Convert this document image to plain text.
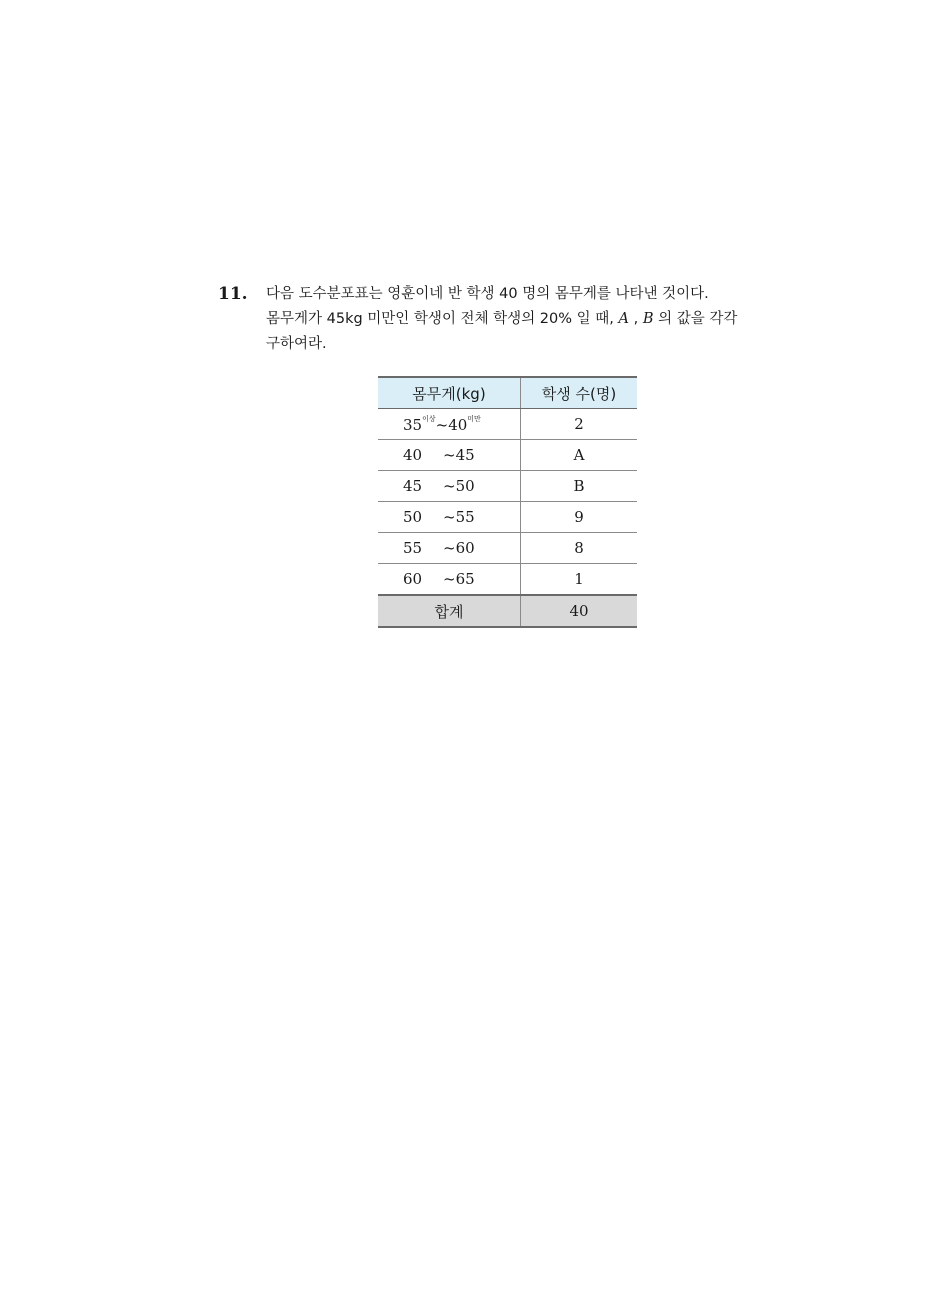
11. 다음 도수분포표는 영훈이네 반 학생 40 명의 몸무게를 나타낸 것이다.
몸무게가 45kg 미만인 학생이 전체 학생의 20% 일 때, A , B 의 값을 각각
구하여라.
몸무게(kg)	학생 수(명)
$35^{이상}\sim 40^{미만}$	2
40 ~45	A
45 ~50	B
50 ~55	9
55 ~60	8
60 ~65	1
합계	40
